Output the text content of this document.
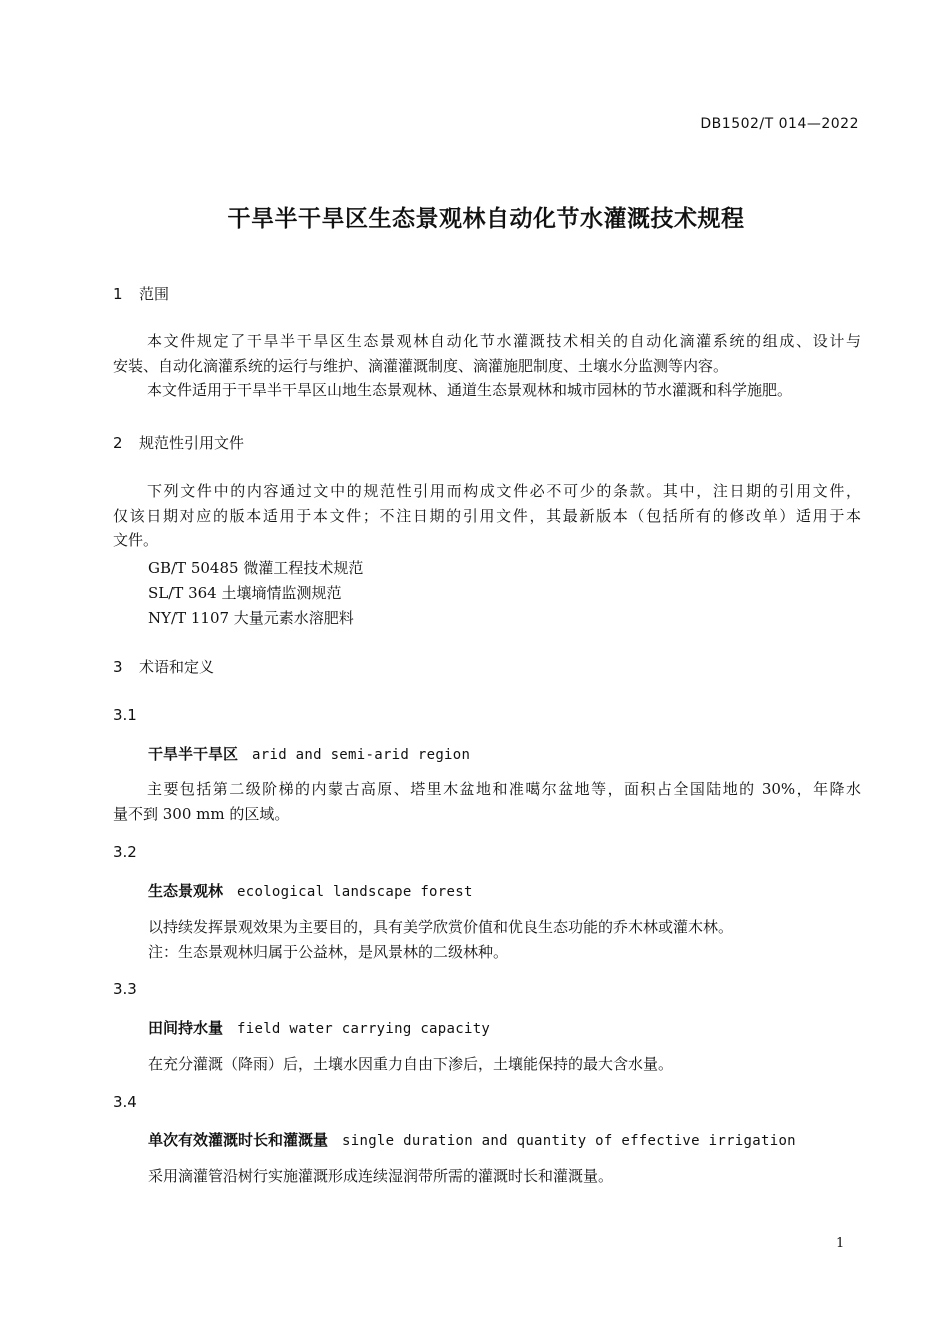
DB1502/T 014—2022
干旱半干旱区生态景观林自动化节水灌溉技术规程
1 范围
本文件规定了干旱半干旱区生态景观林自动化节水灌溉技术相关的自动化滴灌系统的组成、设计与
安装、自动化滴灌系统的运行与维护、滴灌灌溉制度、滴灌施肥制度、土壤水分监测等内容。
本文件适用于干旱半干旱区山地生态景观林、通道生态景观林和城市园林的节水灌溉和科学施肥。
2 规范性引用文件
下列文件中的内容通过文中的规范性引用而构成文件必不可少的条款。其中，注日期的引用文件，
仅该日期对应的版本适用于本文件；不注日期的引用文件，其最新版本（包括所有的修改单）适用于本
文件。
GB/T 50485 微灌工程技术规范
SL/T 364 土壤墒情监测规范
NY/T 1107 大量元素水溶肥料
3 术语和定义
3.1
干旱半干旱区 arid and semi-arid region
主要包括第二级阶梯的内蒙古高原、塔里木盆地和准噶尔盆地等，面积占全国陆地的 30%，年降水
量不到 300 mm 的区域。
3.2
生态景观林 ecological landscape forest
以持续发挥景观效果为主要目的，具有美学欣赏价值和优良生态功能的乔木林或灌木林。
注：生态景观林归属于公益林，是风景林的二级林种。
3.3
田间持水量 field water carrying capacity
在充分灌溉（降雨）后，土壤水因重力自由下渗后，土壤能保持的最大含水量。
3.4
单次有效灌溉时长和灌溉量 single duration and quantity of effective irrigation
采用滴灌管沿树行实施灌溉形成连续湿润带所需的灌溉时长和灌溉量。
1
